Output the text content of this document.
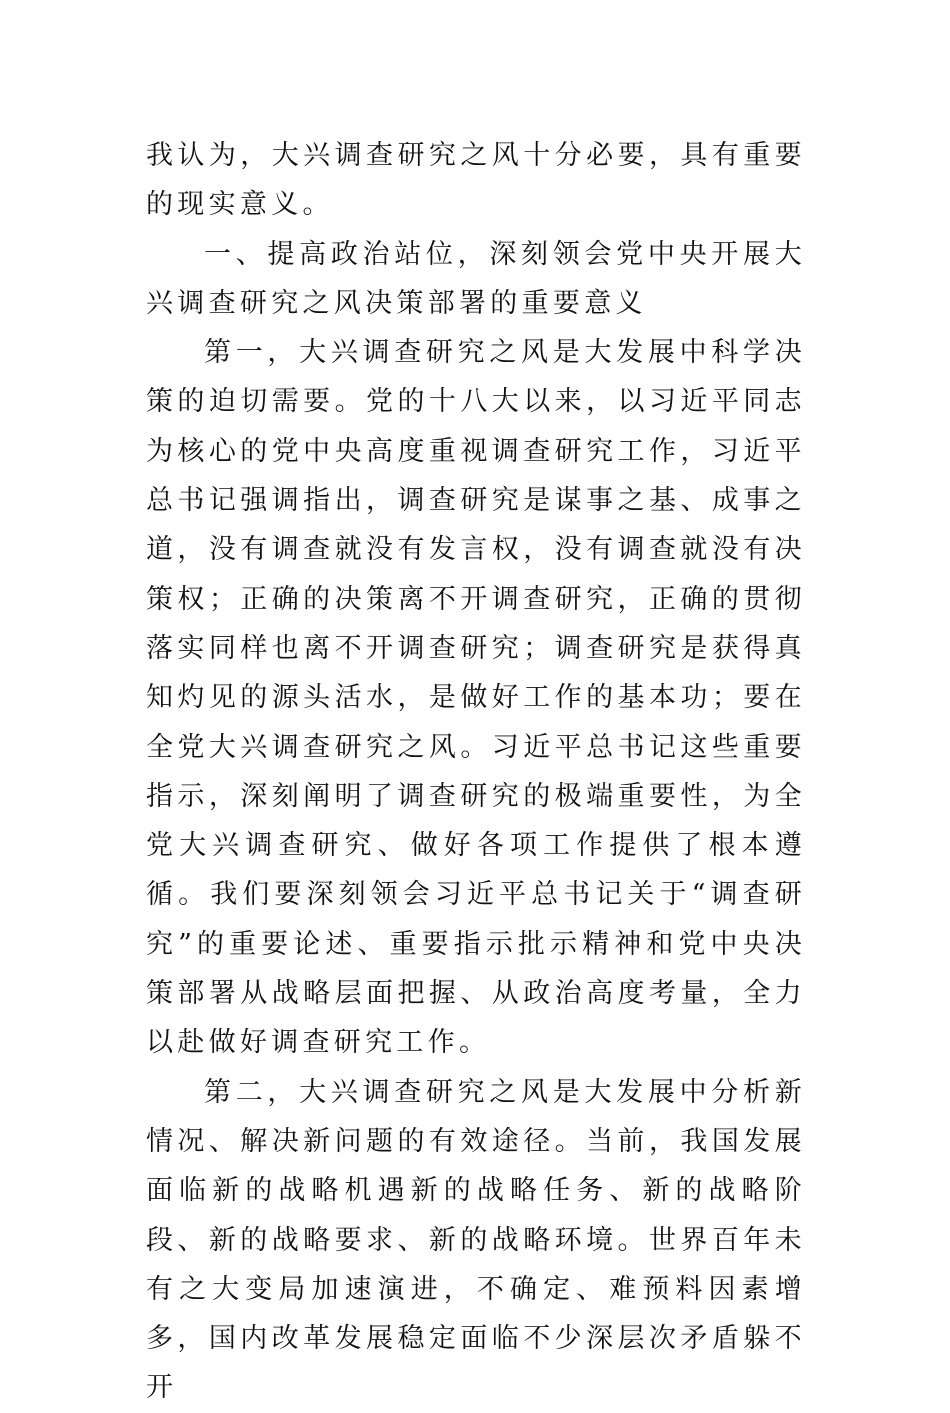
我认为，大兴调查研究之风十分必要，具有重要的现实意义。

一、提高政治站位，深刻领会党中央开展大兴调查研究之风决策部署的重要意义

第一，大兴调查研究之风是大发展中科学决策的迫切需要。党的十八大以来，以习近平同志为核心的党中央高度重视调查研究工作，习近平总书记强调指出，调查研究是谋事之基、成事之道，没有调查就没有发言权，没有调查就没有决策权；正确的决策离不开调查研究，正确的贯彻落实同样也离不开调查研究；调查研究是获得真知灼见的源头活水，是做好工作的基本功；要在全党大兴调查研究之风。习近平总书记这些重要指示，深刻阐明了调查研究的极端重要性，为全党大兴调查研究、做好各项工作提供了根本遵循。我们要深刻领会习近平总书记关于“调查研究”的重要论述、重要指示批示精神和党中央决策部署从战略层面把握、从政治高度考量，全力以赴做好调查研究工作。

第二，大兴调查研究之风是大发展中分析新情况、解决新问题的有效途径。当前，我国发展面临新的战略机遇新的战略任务、新的战略阶段、新的战略要求、新的战略环境。世界百年未有之大变局加速演进，不确定、难预料因素增多，国内改革发展稳定面临不少深层次矛盾躲不开
